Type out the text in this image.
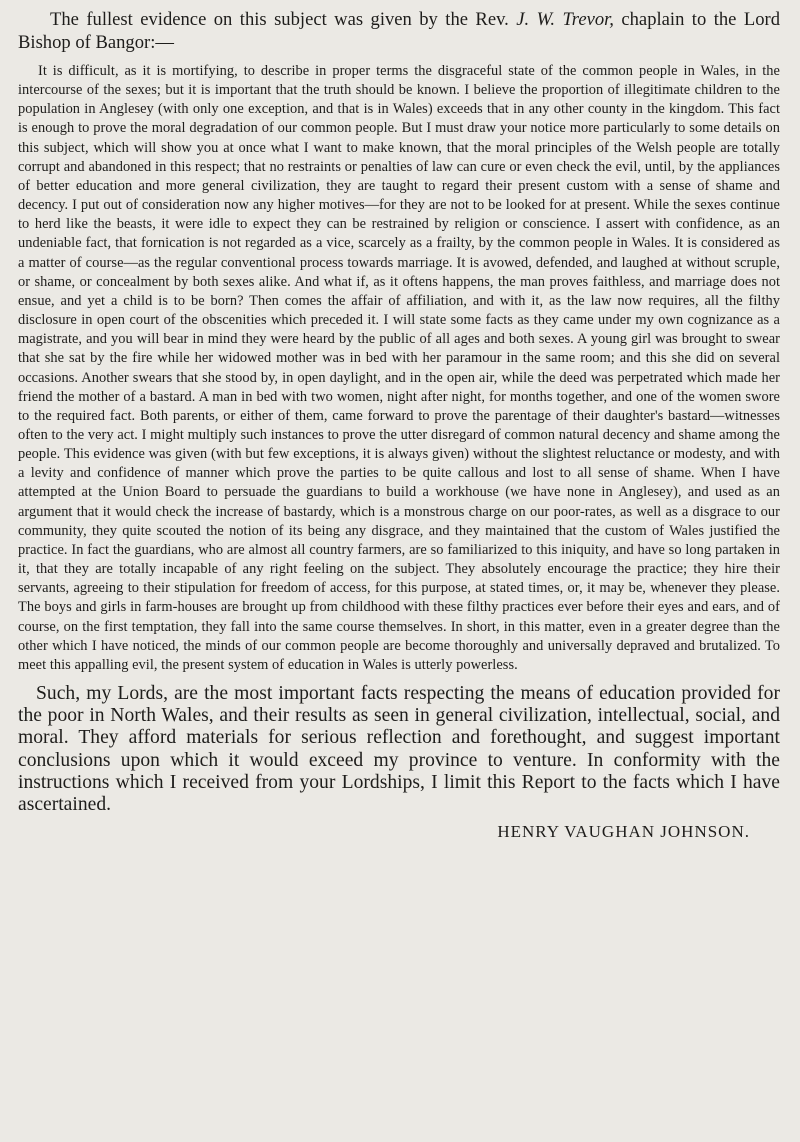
The fullest evidence on this subject was given by the Rev. J. W. Trevor, chaplain to the Lord Bishop of Bangor:—

It is difficult, as it is mortifying, to describe in proper terms the disgraceful state of the common people in Wales, in the intercourse of the sexes; but it is important that the truth should be known. I believe the proportion of illegitimate children to the population in Anglesey (with only one exception, and that is in Wales) exceeds that in any other county in the kingdom. This fact is enough to prove the moral degradation of our common people. But I must draw your notice more particularly to some details on this subject, which will show you at once what I want to make known, that the moral principles of the Welsh people are totally corrupt and abandoned in this respect; that no restraints or penalties of law can cure or even check the evil, until, by the appliances of better education and more general civilization, they are taught to regard their present custom with a sense of shame and decency. I put out of consideration now any higher motives—for they are not to be looked for at present. While the sexes continue to herd like the beasts, it were idle to expect they can be restrained by religion or conscience. I assert with confidence, as an undeniable fact, that fornication is not regarded as a vice, scarcely as a frailty, by the common people in Wales. It is considered as a matter of course—as the regular conventional process towards marriage. It is avowed, defended, and laughed at without scruple, or shame, or concealment by both sexes alike. And what if, as it oftens happens, the man proves faithless, and marriage does not ensue, and yet a child is to be born? Then comes the affair of affiliation, and with it, as the law now requires, all the filthy disclosure in open court of the obscenities which preceded it. I will state some facts as they came under my own cognizance as a magistrate, and you will bear in mind they were heard by the public of all ages and both sexes. A young girl was brought to swear that she sat by the fire while her widowed mother was in bed with her paramour in the same room; and this she did on several occasions. Another swears that she stood by, in open daylight, and in the open air, while the deed was perpetrated which made her friend the mother of a bastard. A man in bed with two women, night after night, for months together, and one of the women swore to the required fact. Both parents, or either of them, came forward to prove the parentage of their daughter's bastard—witnesses often to the very act. I might multiply such instances to prove the utter disregard of common natural decency and shame among the people. This evidence was given (with but few exceptions, it is always given) without the slightest reluctance or modesty, and with a levity and confidence of manner which prove the parties to be quite callous and lost to all sense of shame. When I have attempted at the Union Board to persuade the guardians to build a workhouse (we have none in Anglesey), and used as an argument that it would check the increase of bastardy, which is a monstrous charge on our poor-rates, as well as a disgrace to our community, they quite scouted the notion of its being any disgrace, and they maintained that the custom of Wales justified the practice. In fact the guardians, who are almost all country farmers, are so familiarized to this iniquity, and have so long partaken in it, that they are totally incapable of any right feeling on the subject. They absolutely encourage the practice; they hire their servants, agreeing to their stipulation for freedom of access, for this purpose, at stated times, or, it may be, whenever they please. The boys and girls in farm-houses are brought up from childhood with these filthy practices ever before their eyes and ears, and of course, on the first temptation, they fall into the same course themselves. In short, in this matter, even in a greater degree than the other which I have noticed, the minds of our common people are become thoroughly and universally depraved and brutalized. To meet this appalling evil, the present system of education in Wales is utterly powerless.

Such, my Lords, are the most important facts respecting the means of education provided for the poor in North Wales, and their results as seen in general civilization, intellectual, social, and moral. They afford materials for serious reflection and forethought, and suggest important conclusions upon which it would exceed my province to venture. In conformity with the instructions which I received from your Lordships, I limit this Report to the facts which I have ascertained.

HENRY VAUGHAN JOHNSON.
